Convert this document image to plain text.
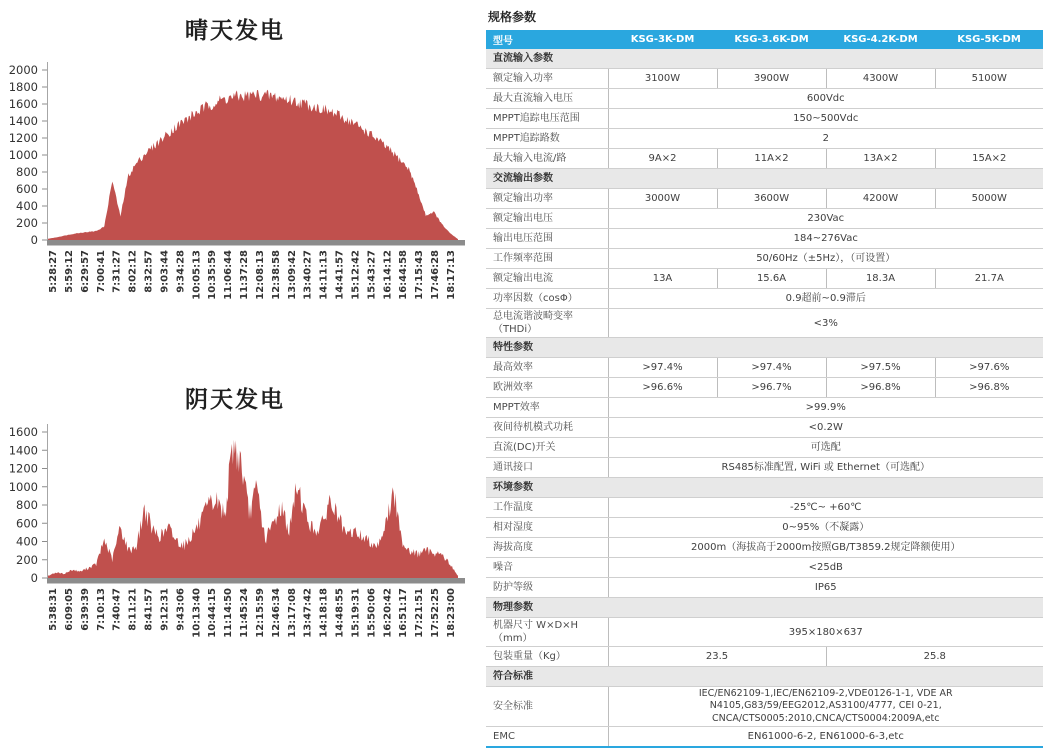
晴天发电
0
200
400
600
800
1000
1200
1400
1600
1800
2000
5:28:27 5:59:12 6:29:57 7:00:41 7:31:27 8:02:12 8:32:57 9:03:44 9:34:28 10:05:13 10:35:59 11:06:44 11:37:28 12:08:13 12:38:58 13:09:42 13:40:27 14:11:13 14:41:57 15:12:42 15:43:27 16:14:12 16:44:58 17:15:43 17:46:28 18:17:13
阴天发电
0
200
400
600
800
1000
1200
1400
1600
5:38:31 6:09:05 6:39:39 7:10:13 7:40:47 8:11:21 8:41:57 9:12:31 9:43:06 10:13:40 10:44:15 11:14:50 11:45:24 12:15:59 12:46:34 13:17:08 13:47:42 14:18:18 14:48:55 15:19:31 15:50:06 16:20:42 16:51:17 17:21:51 17:52:25 18:23:00
规格参数
型号	KSG-3K-DM	KSG-3.6K-DM	KSG-4.2K-DM	KSG-5K-DM
直流输入参数				
额定输入功率	3100W	3900W	4300W	5100W
最大直流输入电压	600Vdc			
MPPT追踪电压范围	150~500Vdc			
MPPT追踪路数	2			
最大输入电流/路	9A×2	11A×2	13A×2	15A×2
交流输出参数				
额定输出功率	3000W	3600W	4200W	5000W
额定输出电压	230Vac			
输出电压范围	184~276Vac			
工作频率范围	50/60Hz（±5Hz），（可设置）			
额定输出电流	13A	15.6A	18.3A	21.7A
功率因数（cosΦ）	0.9超前~0.9滞后			
总电流谐波畸变率（THDi）	<3%			
特性参数				
最高效率	>97.4%	>97.4%	>97.5%	>97.6%
欧洲效率	>96.6%	>96.7%	>96.8%	>96.8%
MPPT效率	>99.9%			
夜间待机模式功耗	<0.2W			
直流(DC)开关	可选配			
通讯接口	RS485标准配置, WiFi 或 Ethernet（可选配）			
环境参数				
工作温度	-25℃~ +60℃			
相对湿度	0~95%（不凝露）			
海拔高度	2000m（海拔高于2000m按照GB/T3859.2规定降额使用）			
噪音	<25dB			
防护等级	IP65			
物理参数				
机器尺寸 W×D×H（mm）	395×180×637			
包装重量（Kg）	23.5		25.8	
符合标准				
安全标准	IEC/EN62109-1,IEC/EN62109-2,VDE0126-1-1, VDE AR N4105,G83/59/EEG2012,AS3100/4777, CEI 0-21, CNCA/CTS0005:2010,CNCA/CTS0004:2009A,etc			
EMC	EN61000-6-2, EN61000-6-3,etc			
